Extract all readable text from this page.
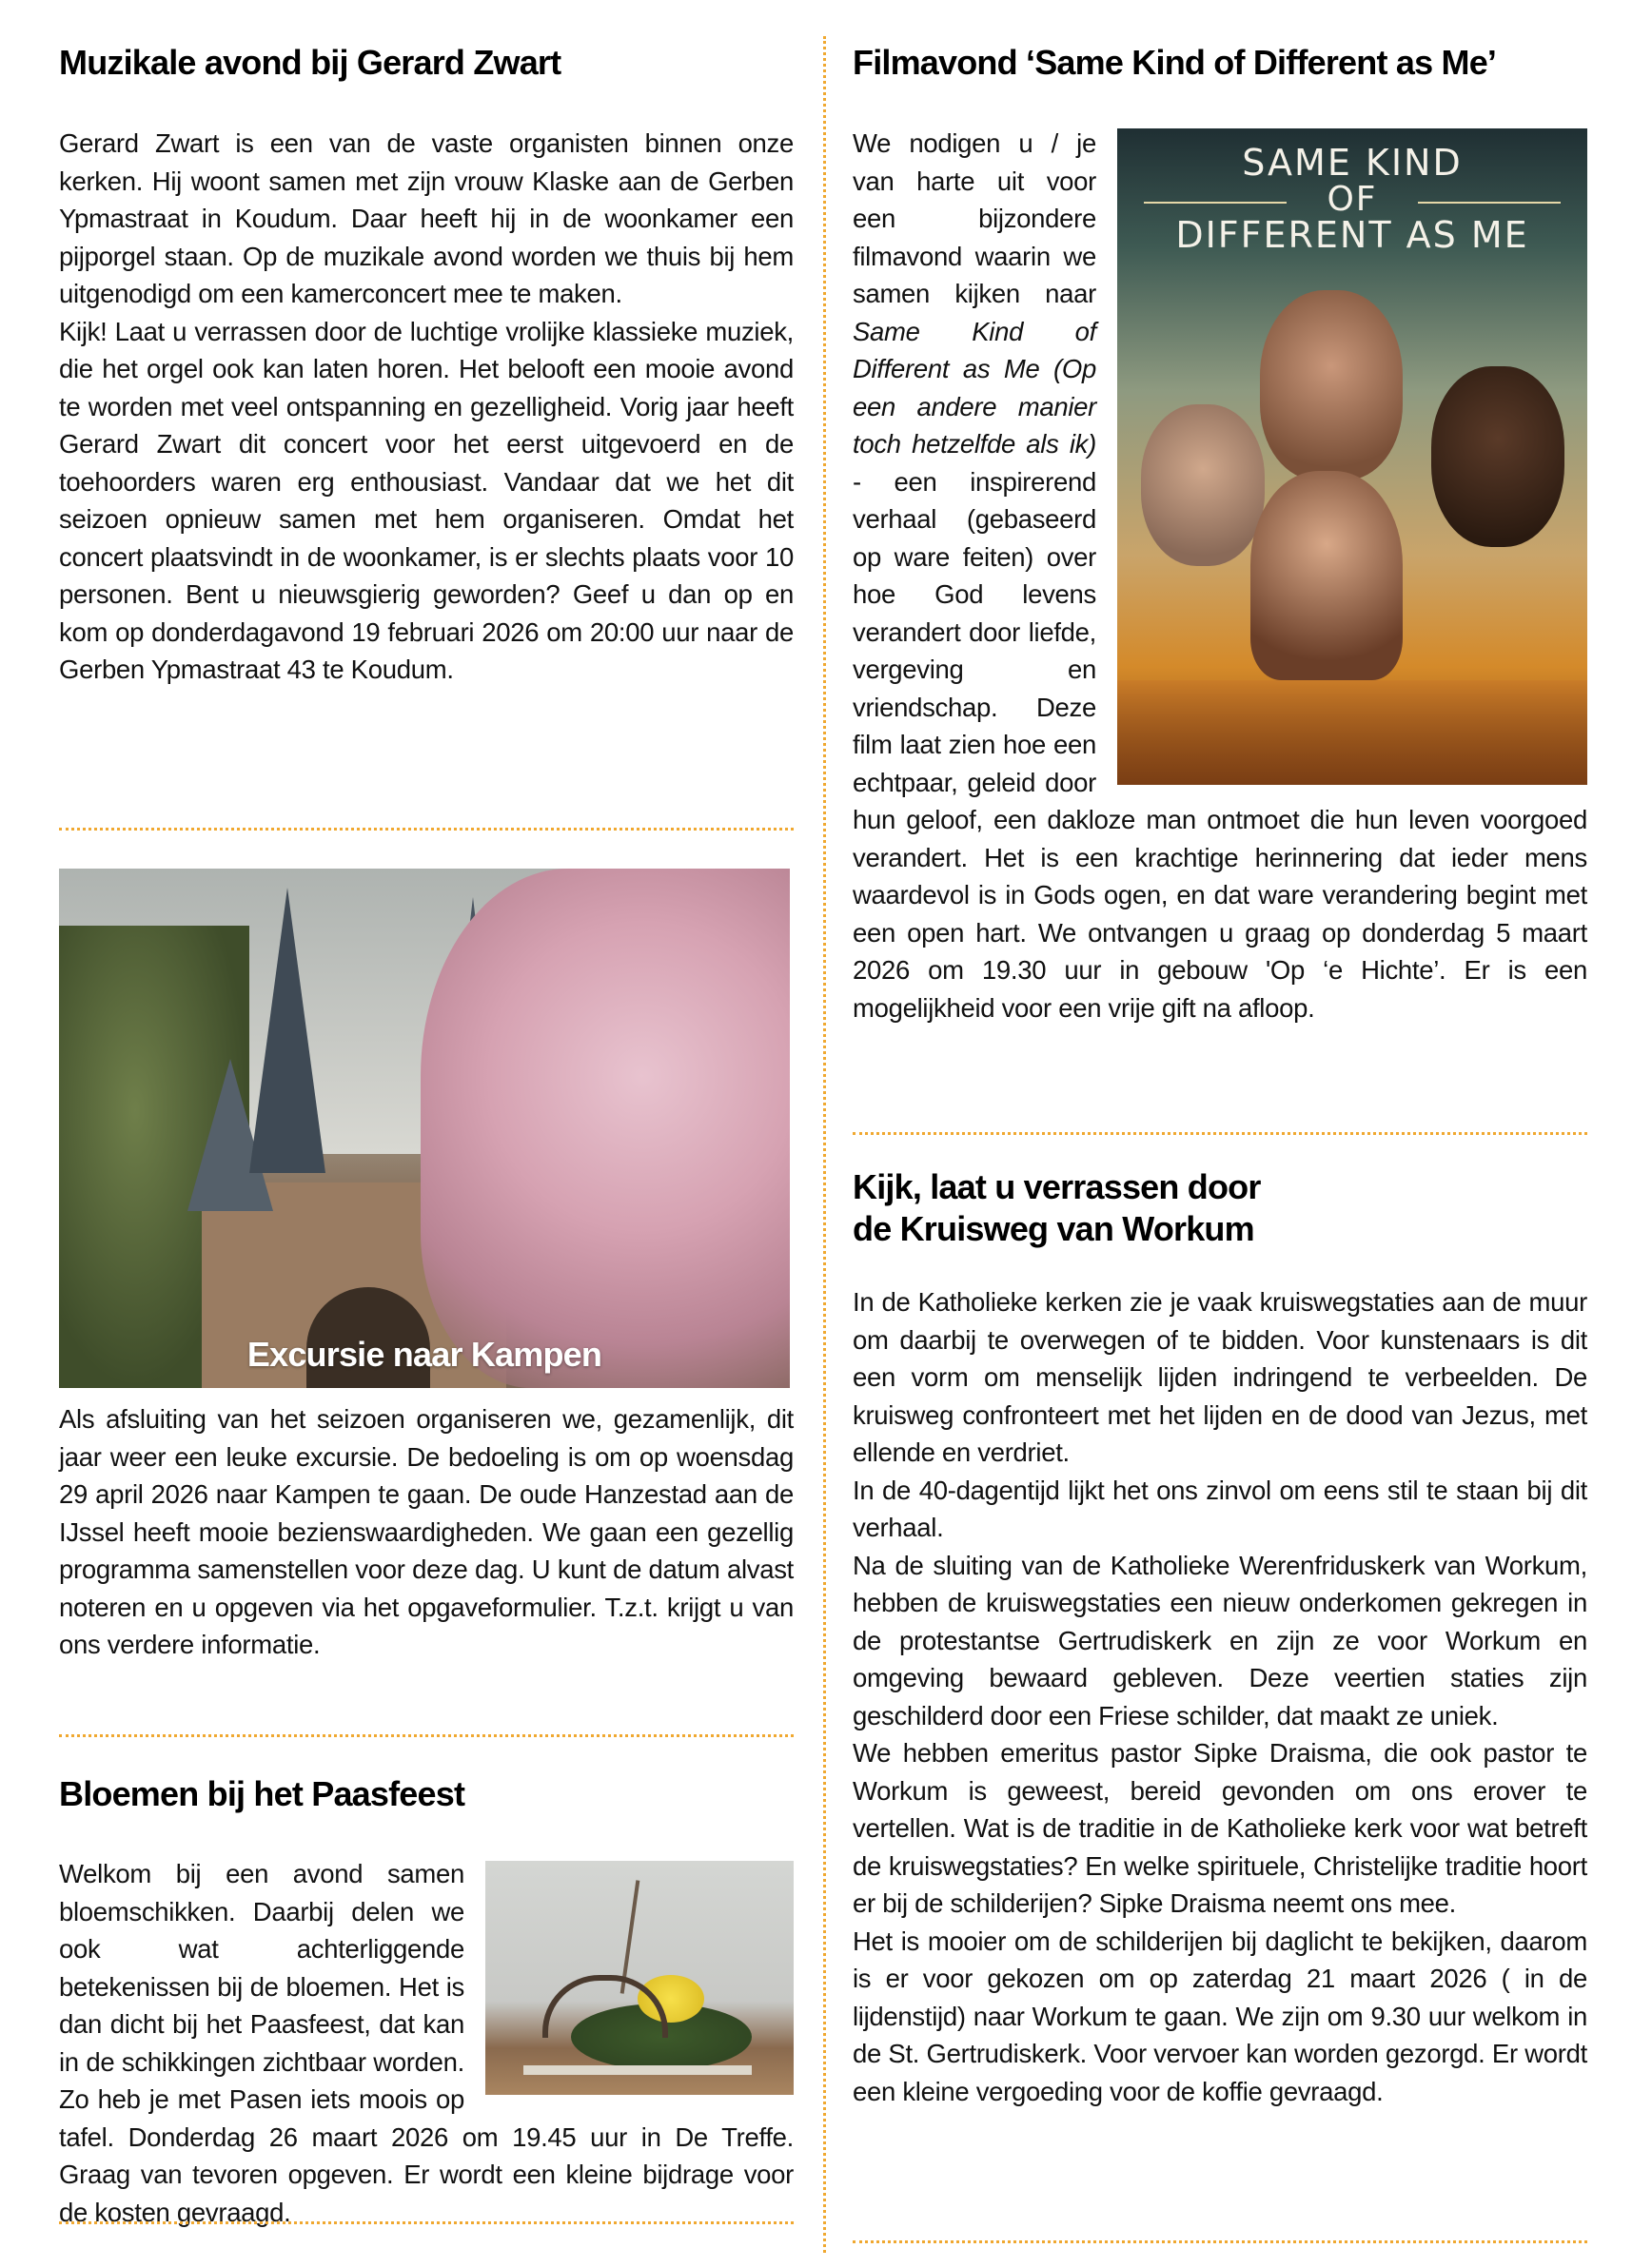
Muzikale avond bij Gerard Zwart

Gerard Zwart is een van de vaste organisten binnen onze kerken. Hij woont samen met zijn vrouw Klaske aan de Gerben Ypmastraat in Koudum. Daar heeft hij in de woonkamer een pijporgel staan. Op de muzikale avond worden we thuis bij hem uitgenodigd om een kamerconcert mee te maken.

Kijk! Laat u verrassen door de luchtige vrolijke klassieke muziek, die het orgel ook kan laten horen. Het belooft een mooie avond te worden met veel ontspanning en gezelligheid. Vorig jaar heeft Gerard Zwart dit concert voor het eerst uitgevoerd en de toehoorders waren erg enthousiast. Vandaar dat we het dit seizoen opnieuw samen met hem organiseren. Omdat het concert plaatsvindt in de woonkamer, is er slechts plaats voor 10 personen. Bent u nieuwsgierig geworden? Geef u dan op en kom op donderdagavond 19 februari 2026 om 20:00 uur naar de Gerben Ypmastraat 43 te Koudum.

Excursie naar Kampen

Als afsluiting van het seizoen organiseren we, gezamenlijk, dit jaar weer een leuke excursie. De bedoeling is om op woensdag 29 april 2026 naar Kampen te gaan. De oude Hanzestad aan de IJssel heeft mooie bezienswaardigheden. We gaan een gezellig programma samenstellen voor deze dag. U kunt de datum alvast noteren en u opgeven via het opgaveformulier. T.z.t. krijgt u van ons verdere informatie.

Bloemen bij het Paasfeest

Welkom bij een avond samen bloemschikken. Daarbij delen we ook wat achterliggende betekenissen bij de bloemen. Het is dan dicht bij het Paasfeest, dat kan in de schikkingen zichtbaar worden. Zo heb je met Pasen iets moois op tafel. Donderdag 26 maart 2026 om 19.45 uur in De Treffe. Graag van tevoren opgeven. Er wordt een kleine bijdrage voor de kosten gevraagd.

Filmavond ‘Same Kind of Different as Me’
SAME KIND
OF
DIFFERENT AS ME

We nodigen u / je van harte uit voor een bijzondere filmavond waarin we samen kijken naar Same Kind of Different as Me (Op een andere manier toch hetzelfde als ik) - een inspirerend verhaal (gebaseerd op ware feiten) over hoe God levens verandert door liefde, vergeving en vriendschap. Deze film laat zien hoe een echtpaar, geleid door hun geloof, een dakloze man ontmoet die hun leven voorgoed verandert. Het is een krachtige herinnering dat ieder mens waardevol is in Gods ogen, en dat ware verandering begint met een open hart. We ontvangen u graag op donderdag 5 maart 2026 om 19.30 uur in gebouw 'Op ‘e Hichte’. Er is een mogelijkheid voor een vrije gift na afloop.

Kijk, laat u verrassen door
de Kruisweg van Workum

In de Katholieke kerken zie je vaak kruiswegstaties aan de muur om daarbij te overwegen of te bidden. Voor kunstenaars is dit een vorm om menselijk lijden indringend te verbeelden. De kruisweg confronteert met het lijden en de dood van Jezus, met ellende en verdriet.

In de 40-dagentijd lijkt het ons zinvol om eens stil te staan bij dit verhaal.

Na de sluiting van de Katholieke Werenfriduskerk van Workum, hebben de kruiswegstaties een nieuw onderkomen gekregen in de protestantse Gertrudiskerk en zijn ze voor Workum en omgeving bewaard gebleven. Deze veertien staties zijn geschilderd door een Friese schilder, dat maakt ze uniek.

We hebben emeritus pastor Sipke Draisma, die ook pastor te Workum is geweest, bereid gevonden om ons erover te vertellen. Wat is de traditie in de Katholieke kerk voor wat betreft de kruiswegstaties? En welke spirituele, Christelijke traditie hoort er bij de schilderijen? Sipke Draisma neemt ons mee.

Het is mooier om de schilderijen bij daglicht te bekijken, daarom is er voor gekozen om op zaterdag 21 maart 2026 ( in de lijdenstijd) naar Workum te gaan. We zijn om 9.30 uur welkom in de St. Gertrudiskerk. Voor vervoer kan worden gezorgd. Er wordt een kleine vergoeding voor de koffie gevraagd.
